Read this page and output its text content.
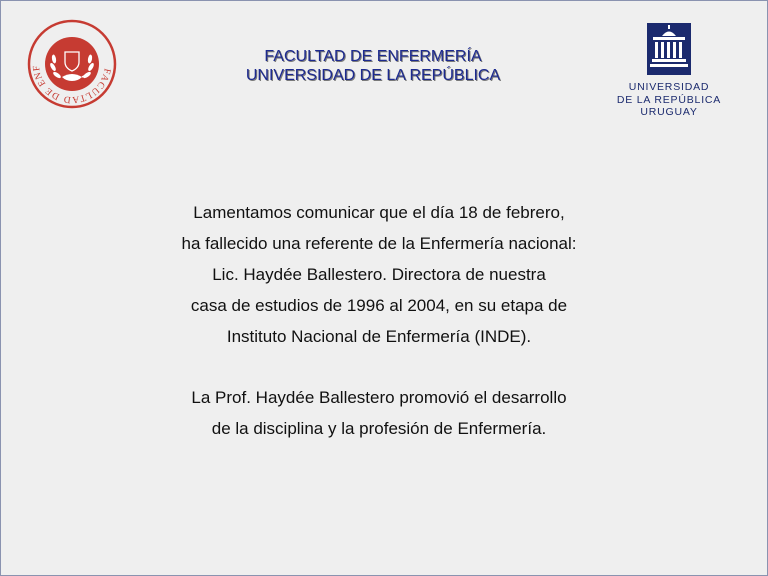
FACULTAD DE ENF
FACULTAD DE ENFERMERÍA
UNIVERSIDAD DE LA REPÚBLICA
UNIVERSIDAD
DE LA REPÚBLICA
URUGUAY
Lamentamos comunicar que el día 18 de febrero,
ha fallecido una referente de la Enfermería nacional:
Lic. Haydée Ballestero. Directora de nuestra
casa de estudios de 1996 al 2004, en su etapa de
Instituto Nacional de Enfermería (INDE).
La Prof. Haydée Ballestero promovió el desarrollo
de la disciplina y la profesión de Enfermería.
